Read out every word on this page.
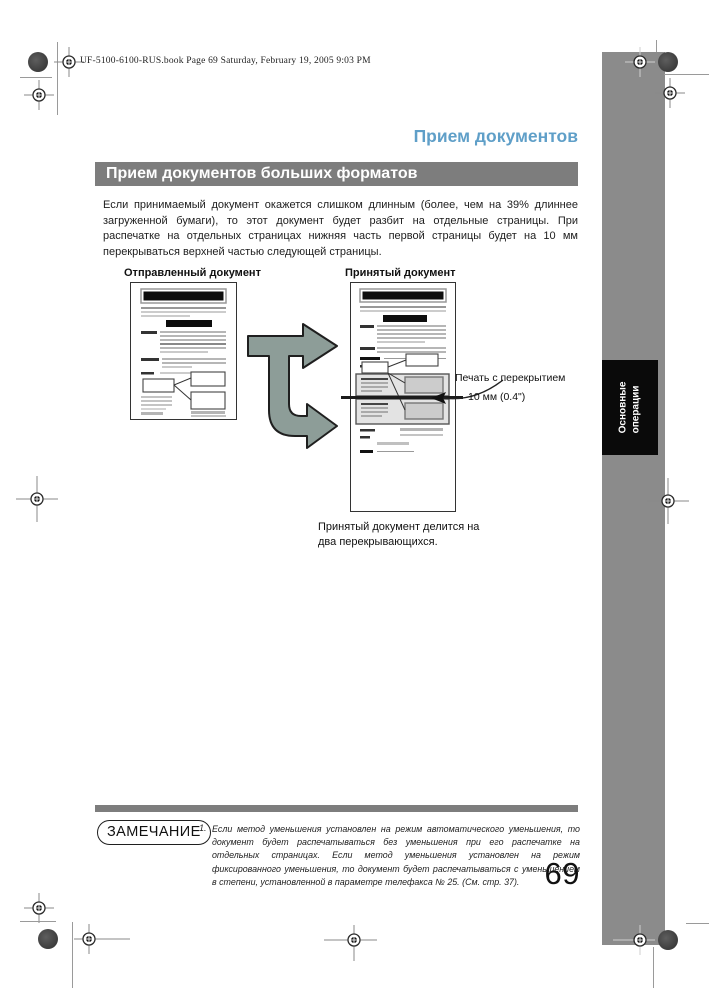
Основные операции
UF-5100-6100-RUS.book Page 69 Saturday, February 19, 2005 9:03 PM
Прием документов
Прием документов больших форматов
Если принимаемый документ окажется слишком длинным (более, чем на 39% длиннее загруженной бумаги), то этот документ будет разбит на отдельные страницы. При распечатке на отдельных страницах нижняя часть первой страницы будет на 10 мм перекрываться верхней частью следующей страницы.
Отправленный документ	Принятый документ
Печать с перекрытием
10 мм (0.4")
Принятый документ делится на
два перекрывающихся.
ЗАМЕЧАНИЕ
1. Если метод уменьшения установлен на режим автоматического уменьшения, то документ будет распечатываться без уменьшения при его распечатке на отдельных страницах. Если метод уменьшения установлен на режим фиксированного уменьшения, то документ будет распечатываться с уменьшением в степени, установленной в параметре телефакса № 25. (См. стр. 37). 69
